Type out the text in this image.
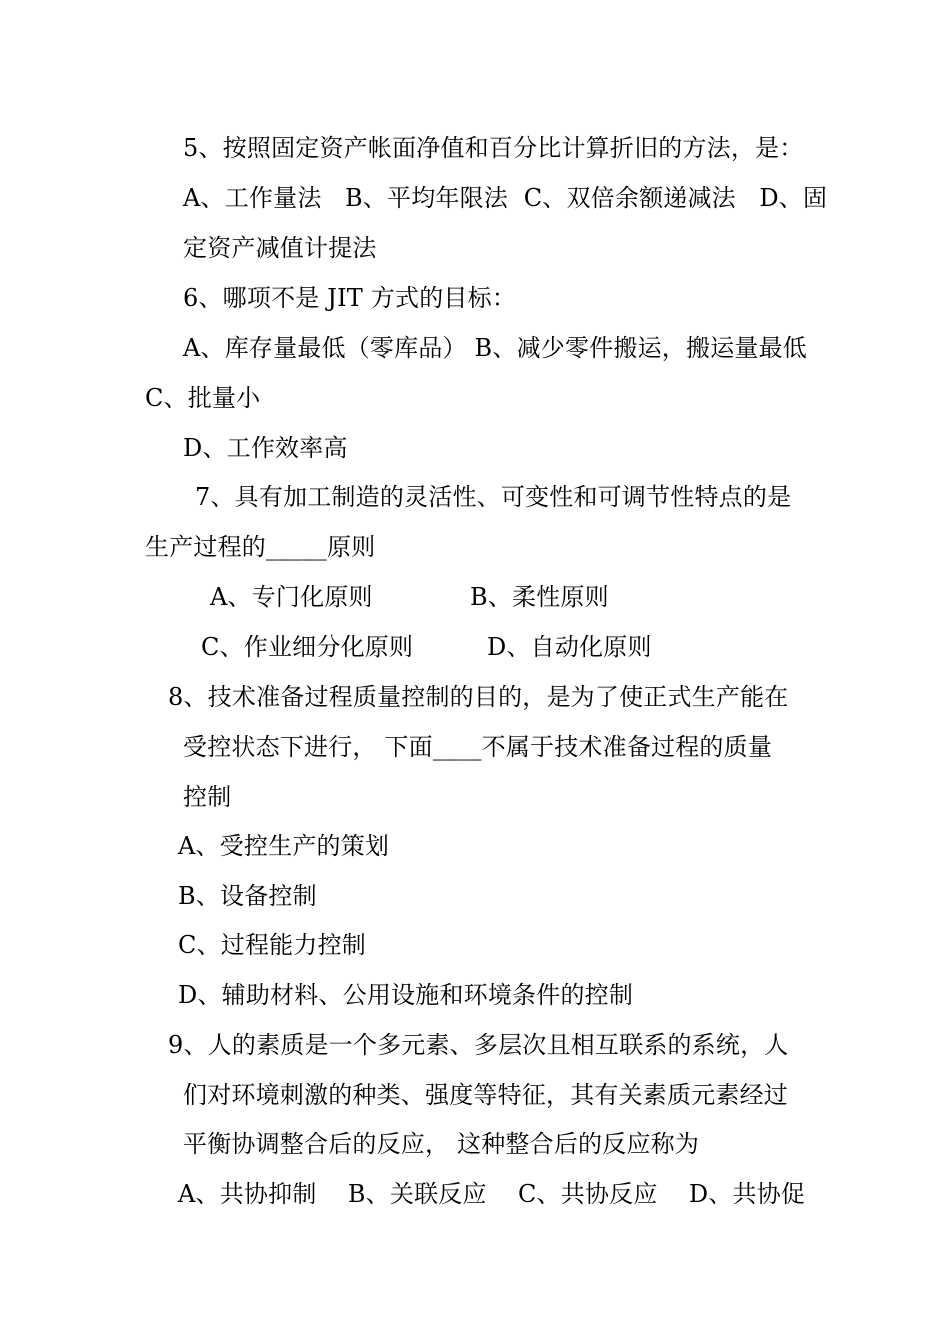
5、按照固定资产帐面净值和百分比计算折旧的方法，是：
A、工作量法   B、平均年限法  C、双倍余额递减法   D、固
定资产减值计提法
6、哪项不是 JIT 方式的目标：
A、库存量最低（零库品） B、减少零件搬运，搬运量最低
C、批量小
D、工作效率高
7、具有加工制造的灵活性、可变性和可调节性特点的是
生产过程的_____原则
A、专门化原则	B、柔性原则
C、作业细分化原则	D、自动化原则
8、技术准备过程质量控制的目的，是为了使正式生产能在
受控状态下进行， 下面____不属于技术准备过程的质量
控制
A、受控生产的策划
B、设备控制
C、过程能力控制
D、辅助材料、公用设施和环境条件的控制
9、人的素质是一个多元素、多层次且相互联系的系统，人
们对环境刺激的种类、强度等特征，其有关素质元素经过
平衡协调整合后的反应， 这种整合后的反应称为
A、共协抑制    B、关联反应    C、共协反应    D、共协促
